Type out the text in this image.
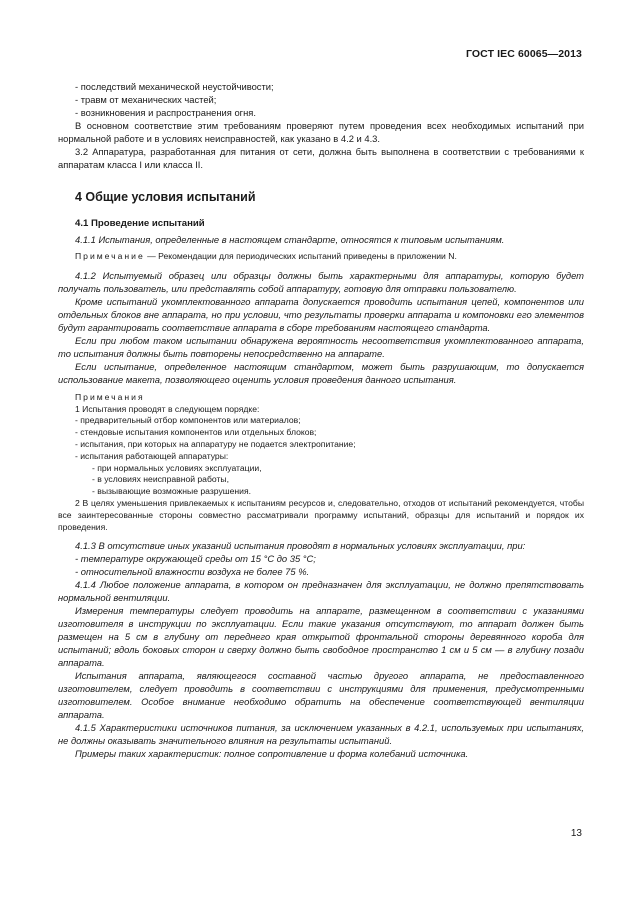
ГОСТ IEC 60065—2013

- последствий механической неустойчивости;

- травм от механических частей;

- возникновения и распространения огня.

В основном соответствие этим требованиям проверяют путем проведения всех необходимых испытаний при нормальной работе и в условиях неисправностей, как указано в 4.2 и 4.3.

3.2 Аппаратура, разработанная для питания от сети, должна быть выполнена в соответствии с требованиями к аппаратам класса I или класса II.

4 Общие условия испытаний
4.1 Проведение испытаний

4.1.1 Испытания, определенные в настоящем стандарте, относятся к типовым испытаниям.

Примечание — Рекомендации для периодических испытаний приведены в приложении N.

4.1.2 Испытуемый образец или образцы должны быть характерными для аппаратуры, которую будет получать пользователь, или представлять собой аппаратуру, готовую для отправки пользователю.

Кроме испытаний укомплектованного аппарата допускается проводить испытания цепей, компонентов или отдельных блоков вне аппарата, но при условии, что результаты проверки аппарата и компоновки его элементов будут гарантировать соответствие аппарата в сборе требованиям настоящего стандарта.

Если при любом таком испытании обнаружена вероятность несоответствия укомплектованного аппарата, то испытания должны быть повторены непосредственно на аппарате.

Если испытание, определенное настоящим стандартом, может быть разрушающим, то допускается использование макета, позволяющего оценить условия проведения данного испытания.

Примечания

1 Испытания проводят в следующем порядке:

- предварительный отбор компонентов или материалов;

- стендовые испытания компонентов или отдельных блоков;

- испытания, при которых на аппаратуру не подается электропитание;

- испытания работающей аппаратуры:

- при нормальных условиях эксплуатации,

- в условиях неисправной работы,

- вызывающие возможные разрушения.

2 В целях уменьшения привлекаемых к испытаниям ресурсов и, следовательно, отходов от испытаний рекомендуется, чтобы все заинтересованные стороны совместно рассматривали программу испытаний, образцы для испытаний и порядок их проведения.

4.1.3 В отсутствие иных указаний испытания проводят в нормальных условиях эксплуатации, при:

- температуре окружающей среды от 15 °С до 35 °С;

- относительной влажности воздуха не более 75 %.

4.1.4 Любое положение аппарата, в котором он предназначен для эксплуатации, не должно препятствовать нормальной вентиляции.

Измерения температуры следует проводить на аппарате, размещенном в соответствии с указаниями изготовителя в инструкции по эксплуатации. Если такие указания отсутствуют, то аппарат должен быть размещен на 5 см в глубину от переднего края открытой фронтальной стороны деревянного короба для испытаний; вдоль боковых сторон и сверху должно быть свободное пространство 1 см и 5 см — в глубину позади аппарата.

Испытания аппарата, являющегося составной частью другого аппарата, не предоставленного изготовителем, следует проводить в соответствии с инструкциями для применения, предусмотренными изготовителем. Особое внимание необходимо обратить на обеспечение соответствующей вентиляции аппарата.

4.1.5 Характеристики источников питания, за исключением указанных в 4.2.1, используемых при испытаниях, не должны оказывать значительного влияния на результаты испытаний.

Примеры таких характеристик: полное сопротивление и форма колебаний источника.

13
